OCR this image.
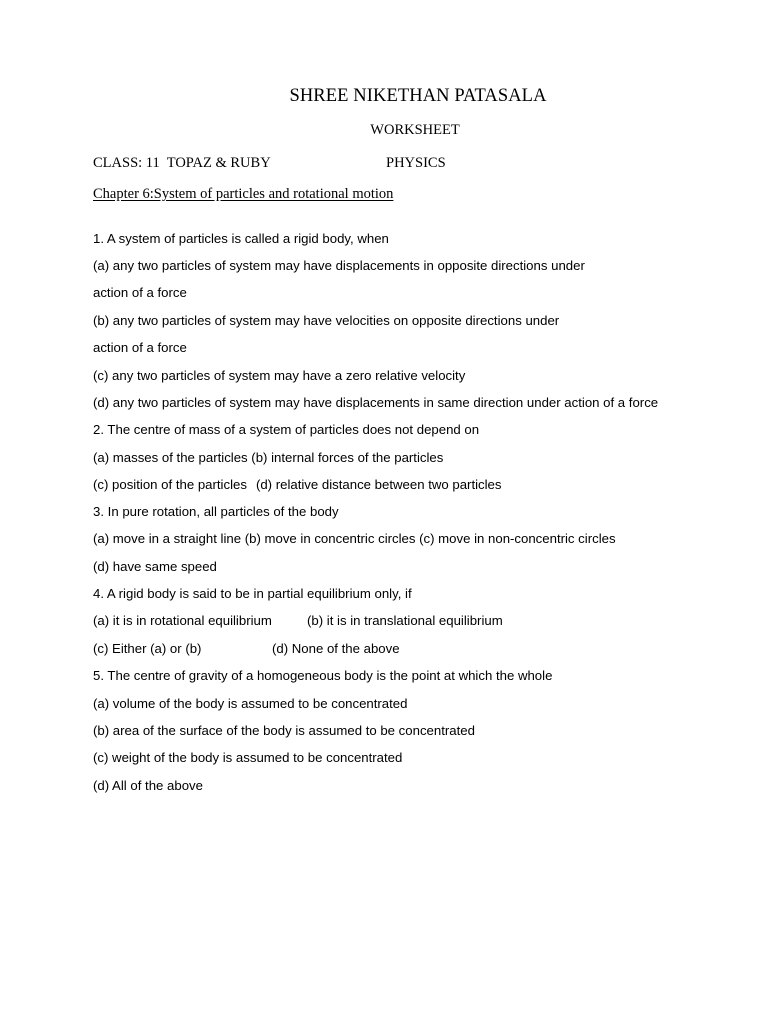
SHREE NIKETHAN PATASALA

WORKSHEET

CLASS: 11  TOPAZ & RUBY	PHYSICS

Chapter 6:System of particles and rotational motion

1. A system of particles is called a rigid body, when

(a) any two particles of system may have displacements in opposite directions under

action of a force

(b) any two particles of system may have velocities on opposite directions under

action of a force

(c) any two particles of system may have a zero relative velocity

(d) any two particles of system may have displacements in same direction under action of a force

2. The centre of mass of a system of particles does not depend on

(a) masses of the particles (b) internal forces of the particles

(c) position of the particles (d) relative distance between two particles

3. In pure rotation, all particles of the body

(a) move in a straight line (b) move in concentric circles (c) move in non-concentric circles

(d) have same speed

4. A rigid body is said to be in partial equilibrium only, if

(a) it is in rotational equilibrium	(b) it is in translational equilibrium

(c) Either (a) or (b)	(d) None of the above

5. The centre of gravity of a homogeneous body is the point at which the whole

(a) volume of the body is assumed to be concentrated

(b) area of the surface of the body is assumed to be concentrated

(c) weight of the body is assumed to be concentrated

(d) All of the above
